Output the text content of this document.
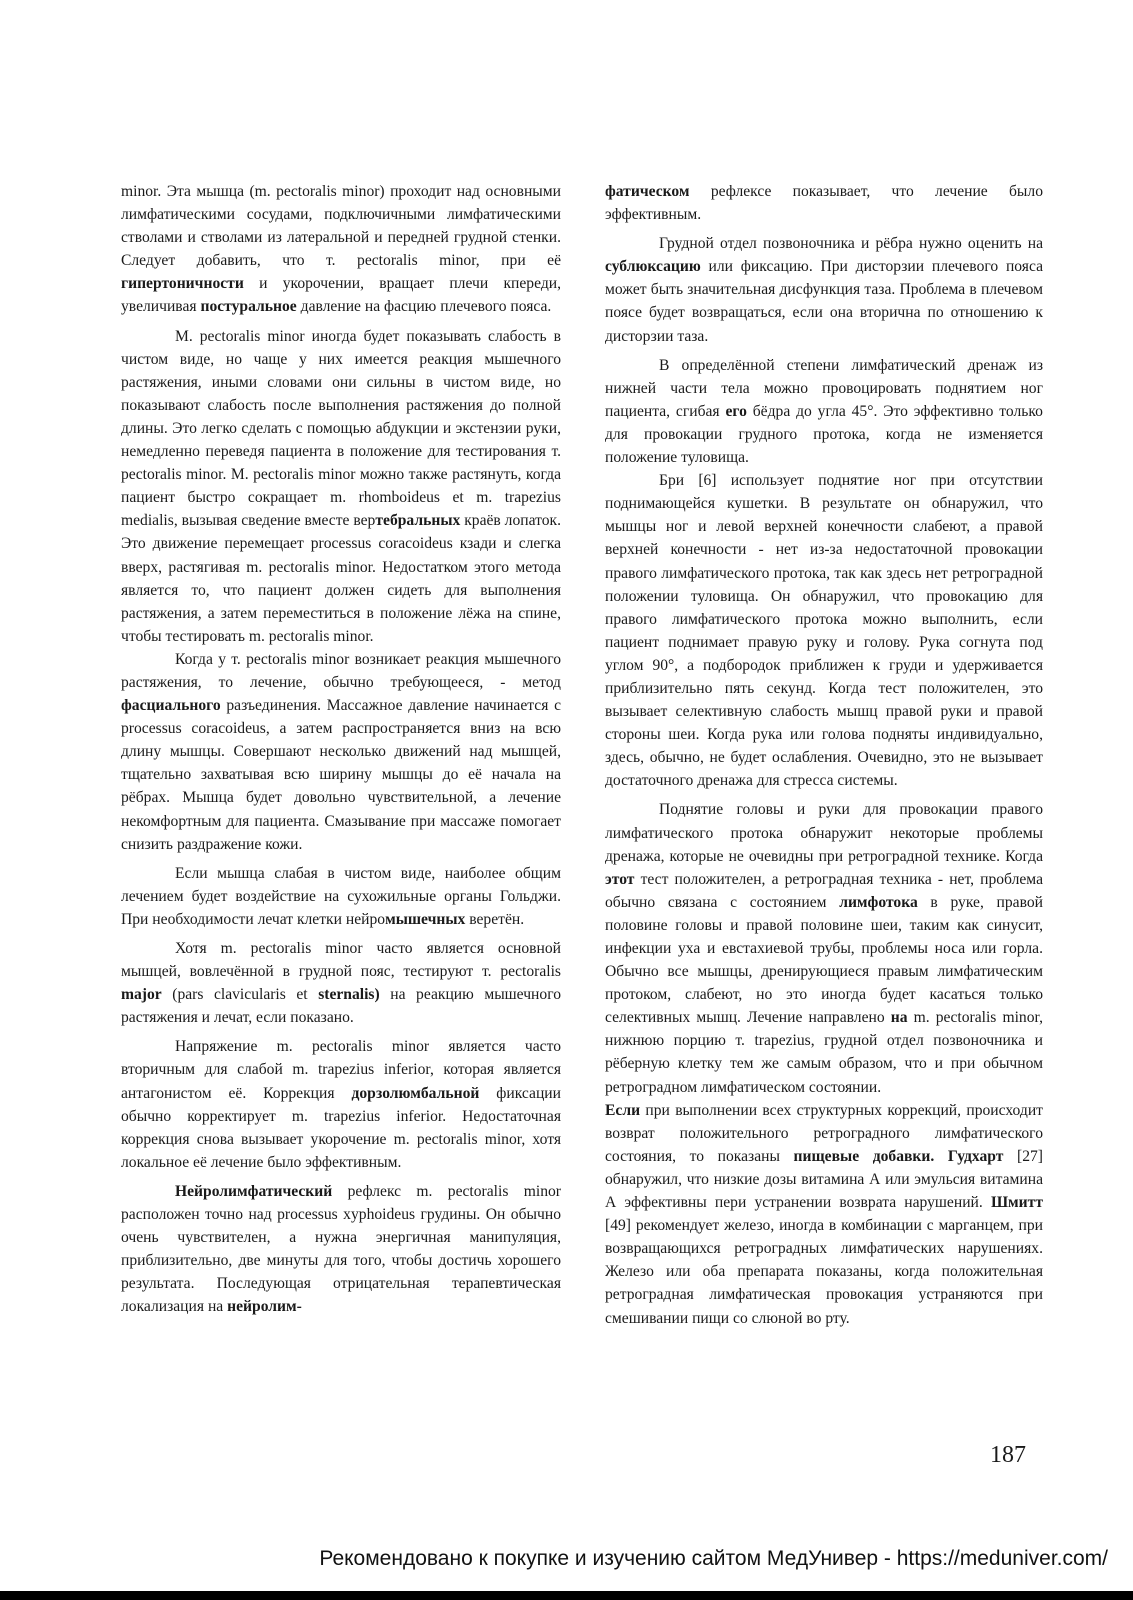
minor. Эта мышца (m. pectoralis minor) проходит над основными лимфатическими сосудами, подключичными лимфатическими стволами и стволами из латеральной и передней грудной стенки. Следует добавить, что т. pectoralis minor, при её гипертоничности и укорочении, вращает плечи кпереди, увеличивая постуральное давление на фасцию плечевого пояса.

M. pectoralis minor иногда будет показывать слабость в чистом виде, но чаще у них имеется реакция мышечного растяжения, иными словами они сильны в чистом виде, но показывают слабость после выполнения растяжения до полной длины. Это легко сделать с помощью абдукции и экстензии руки, немедленно переведя пациента в положение для тестирования т. pectoralis minor. M. pectoralis minor можно также растянуть, когда пациент быстро сокращает m. rhomboideus et m. trapezius medialis, вызывая сведение вместе вертебральных краёв лопаток. Это движение перемещает processus coracoideus кзади и слегка вверх, растягивая m. pectoralis minor. Недостатком этого метода является то, что пациент должен сидеть для выполнения растяжения, а затем переместиться в положение лёжа на спине, чтобы тестировать m. pectoralis minor.

Когда у т. pectoralis minor возникает реакция мышечного растяжения, то лечение, обычно требующееся, - метод фасциального разъединения. Массажное давление начинается с processus coracoideus, а затем распространяется вниз на всю длину мышцы. Совершают несколько движений над мышцей, тщательно захватывая всю ширину мышцы до её начала на рёбрах. Мышца будет довольно чувствительной, а лечение некомфортным для пациента. Смазывание при массаже помогает снизить раздражение кожи.

Если мышца слабая в чистом виде, наиболее общим лечением будет воздействие на сухожильные органы Гольджи. При необходимости лечат клетки нейромышечных веретён.

Хотя m. pectoralis minor часто является основной мышцей, вовлечённой в грудной пояс, тестируют т. pectoralis major (pars clavicularis et sternalis) на реакцию мышечного растяжения и лечат, если показано.

Напряжение m. pectoralis minor является часто вторичным для слабой m. trapezius inferior, которая является антагонистом её. Коррекция дорзолюмбальной фиксации обычно корректирует m. trapezius inferior. Недостаточная коррекция снова вызывает укорочение m. pectoralis minor, хотя локальное её лечение было эффективным.

Нейролимфатический рефлекс m. pectoralis minor расположен точно над processus xyphoideus грудины. Он обычно очень чувствителен, а нужна энергичная манипуляция, приблизительно, две минуты для того, чтобы достичь хорошего результата. Последующая отрицательная терапевтическая локализация на нейролим-

фатическом рефлексе показывает, что лечение было эффективным.

Грудной отдел позвоночника и рёбра нужно оценить на сублюксацию или фиксацию. При дисторзии плечевого пояса может быть значительная дисфункция таза. Проблема в плечевом поясе будет возвращаться, если она вторична по отношению к дисторзии таза.

В определённой степени лимфатический дренаж из нижней части тела можно провоцировать поднятием ног пациента, сгибая его бёдра до угла 45°. Это эффективно только для провокации грудного протока, когда не изменяется положение туловища.

Бри [6] использует поднятие ног при отсутствии поднимающейся кушетки. В результате он обнаружил, что мышцы ног и левой верхней конечности слабеют, а правой верхней конечности - нет из-за недостаточной провокации правого лимфатического протока, так как здесь нет ретроградной положении туловища. Он обнаружил, что провокацию для правого лимфатического протока можно выполнить, если пациент поднимает правую руку и голову. Рука согнута под углом 90°, а подбородок приближен к груди и удерживается приблизительно пять секунд. Когда тест положителен, это вызывает селективную слабость мышц правой руки и правой стороны шеи. Когда рука или голова подняты индивидуально, здесь, обычно, не будет ослабления. Очевидно, это не вызывает достаточного дренажа для стресса системы.

Поднятие головы и руки для провокации правого лимфатического протока обнаружит некоторые проблемы дренажа, которые не очевидны при ретроградной технике. Когда этот тест положителен, а ретроградная техника - нет, проблема обычно связана с состоянием лимфотока в руке, правой половине головы и правой половине шеи, таким как синусит, инфекции уха и евстахиевой трубы, проблемы носа или горла. Обычно все мышцы, дренирующиеся правым лимфатическим протоком, слабеют, но это иногда будет касаться только селективных мышц. Лечение направлено на m. pectoralis minor, нижнюю порцию т. trapezius, грудной отдел позвоночника и рёберную клетку тем же самым образом, что и при обычном ретроградном лимфатическом состоянии.

Если при выполнении всех структурных коррекций, происходит возврат положительного ретроградного лимфатического состояния, то показаны пищевые добавки. Гудхарт [27] обнаружил, что низкие дозы витамина А или эмульсия витамина А эффективны пери устранении возврата нарушений. Шмитт [49] рекомендует железо, иногда в комбинации с марганцем, при возвращающихся ретроградных лимфатических нарушениях. Железо или оба препарата показаны, когда положительная ретроградная лимфатическая провокация устраняются при смешивании пищи со слюной во рту.

187
Рекомендовано к покупке и изучению сайтом МедУнивер - https://meduniver.com/
